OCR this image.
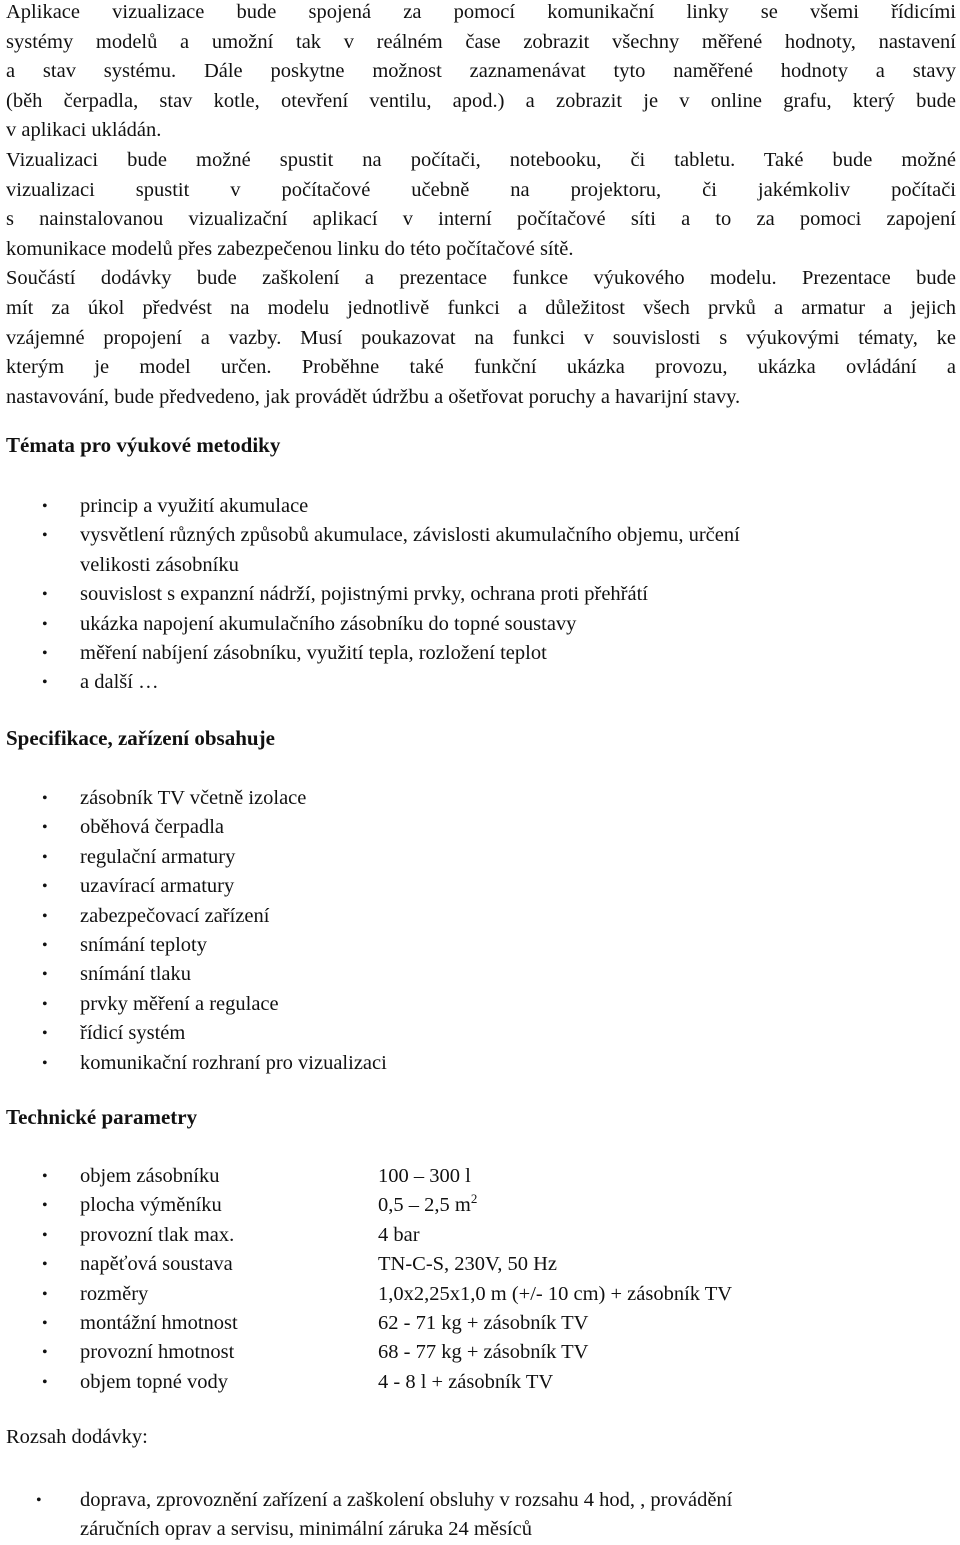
Aplikace vizualizace bude spojená za pomocí komunikační linky se všemi řídicími
systémy modelů a umožní tak v reálném čase zobrazit všechny měřené hodnoty, nastavení
a stav systému. Dále poskytne možnost zaznamenávat tyto naměřené hodnoty a stavy
(běh čerpadla, stav kotle, otevření ventilu, apod.) a zobrazit je v online grafu, který bude
v aplikaci ukládán.
Vizualizaci bude možné spustit na počítači, notebooku, či tabletu. Také bude možné
vizualizaci spustit v počítačové učebně na projektoru, či jakémkoliv počítači
s nainstalovanou vizualizační aplikací v interní počítačové síti a to za pomoci zapojení
komunikace modelů přes zabezpečenou linku do této počítačové sítě.
Součástí dodávky bude zaškolení a prezentace funkce výukového modelu. Prezentace bude
mít za úkol předvést na modelu jednotlivě funkci a důležitost všech prvků a armatur a jejich
vzájemné propojení a vazby. Musí poukazovat na funkci v souvislosti s výukovými tématy, ke
kterým je model určen. Proběhne také funkční ukázka provozu, ukázka ovládání a
nastavování, bude předvedeno, jak provádět údržbu a ošetřovat poruchy a havarijní stavy.

Témata pro výukové metodiky

• princip a využití akumulace
• vysvětlení různých způsobů akumulace, závislosti akumulačního objemu, určení
velikosti zásobníku
• souvislost s expanzní nádrží, pojistnými prvky, ochrana proti přehřátí
• ukázka napojení akumulačního zásobníku do topné soustavy
• měření nabíjení zásobníku, využití tepla, rozložení teplot
• a další …

Specifikace, zařízení obsahuje

• zásobník TV včetně izolace
• oběhová čerpadla
• regulační armatury
• uzavírací armatury
• zabezpečovací zařízení
• snímání teploty
• snímání tlaku
• prvky měření a regulace
• řídicí systém
• komunikační rozhraní pro vizualizaci

Technické parametry

• objem zásobníku	100 – 300 l
• plocha výměníku	0,5 – 2,5 $m^2$
• provozní tlak max.	4 bar
• napěťová soustava	TN-C-S, 230V, 50 Hz
• rozměry	1,0x2,25x1,0 m (+/- 10 cm) + zásobník TV
• montážní hmotnost	62 - 71 kg + zásobník TV
• provozní hmotnost	68 - 77 kg + zásobník TV
• objem topné vody	4 - 8 l + zásobník TV

Rozsah dodávky:

• doprava, zprovoznění zařízení a zaškolení obsluhy v rozsahu 4 hod, , provádění
záručních oprav a servisu, minimální záruka 24 měsíců
